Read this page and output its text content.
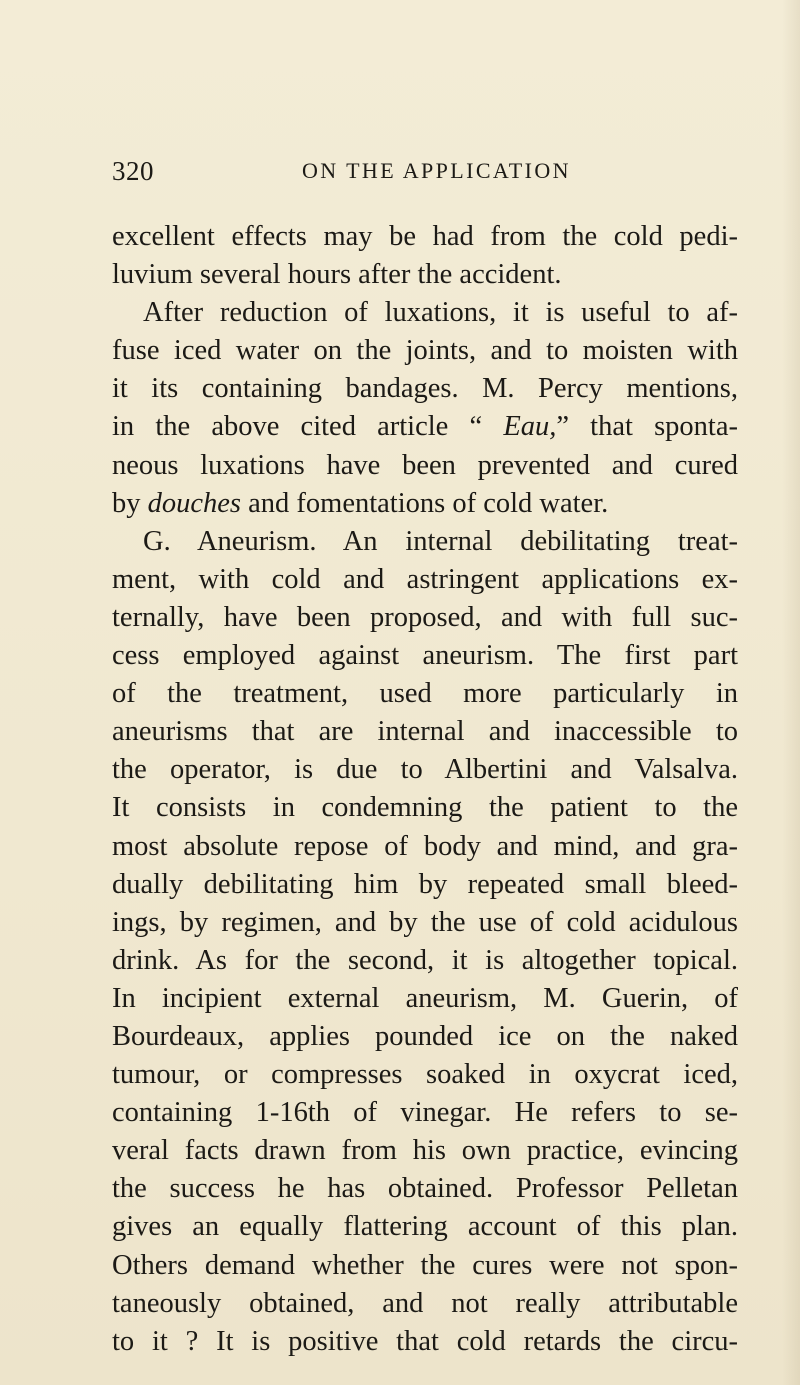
320	ON THE APPLICATION
excellent effects may be had from the cold pedi-
luvium several hours after the accident.
After reduction of luxations, it is useful to af-
fuse iced water on the joints, and to moisten with
it its containing bandages. M. Percy mentions,
in the above cited article “ Eau,” that sponta-
neous luxations have been prevented and cured
by douches and fomentations of cold water.
G. Aneurism. An internal debilitating treat-
ment, with cold and astringent applications ex-
ternally, have been proposed, and with full suc-
cess employed against aneurism. The first part
of the treatment, used more particularly in
aneurisms that are internal and inaccessible to
the operator, is due to Albertini and Valsalva.
It consists in condemning the patient to the
most absolute repose of body and mind, and gra-
dually debilitating him by repeated small bleed-
ings, by regimen, and by the use of cold acidulous
drink. As for the second, it is altogether topical.
In incipient external aneurism, M. Guerin, of
Bourdeaux, applies pounded ice on the naked
tumour, or compresses soaked in oxycrat iced,
containing 1-16th of vinegar. He refers to se-
veral facts drawn from his own practice, evincing
the success he has obtained. Professor Pelletan
gives an equally flattering account of this plan.
Others demand whether the cures were not spon-
taneously obtained, and not really attributable
to it ? It is positive that cold retards the circu-
